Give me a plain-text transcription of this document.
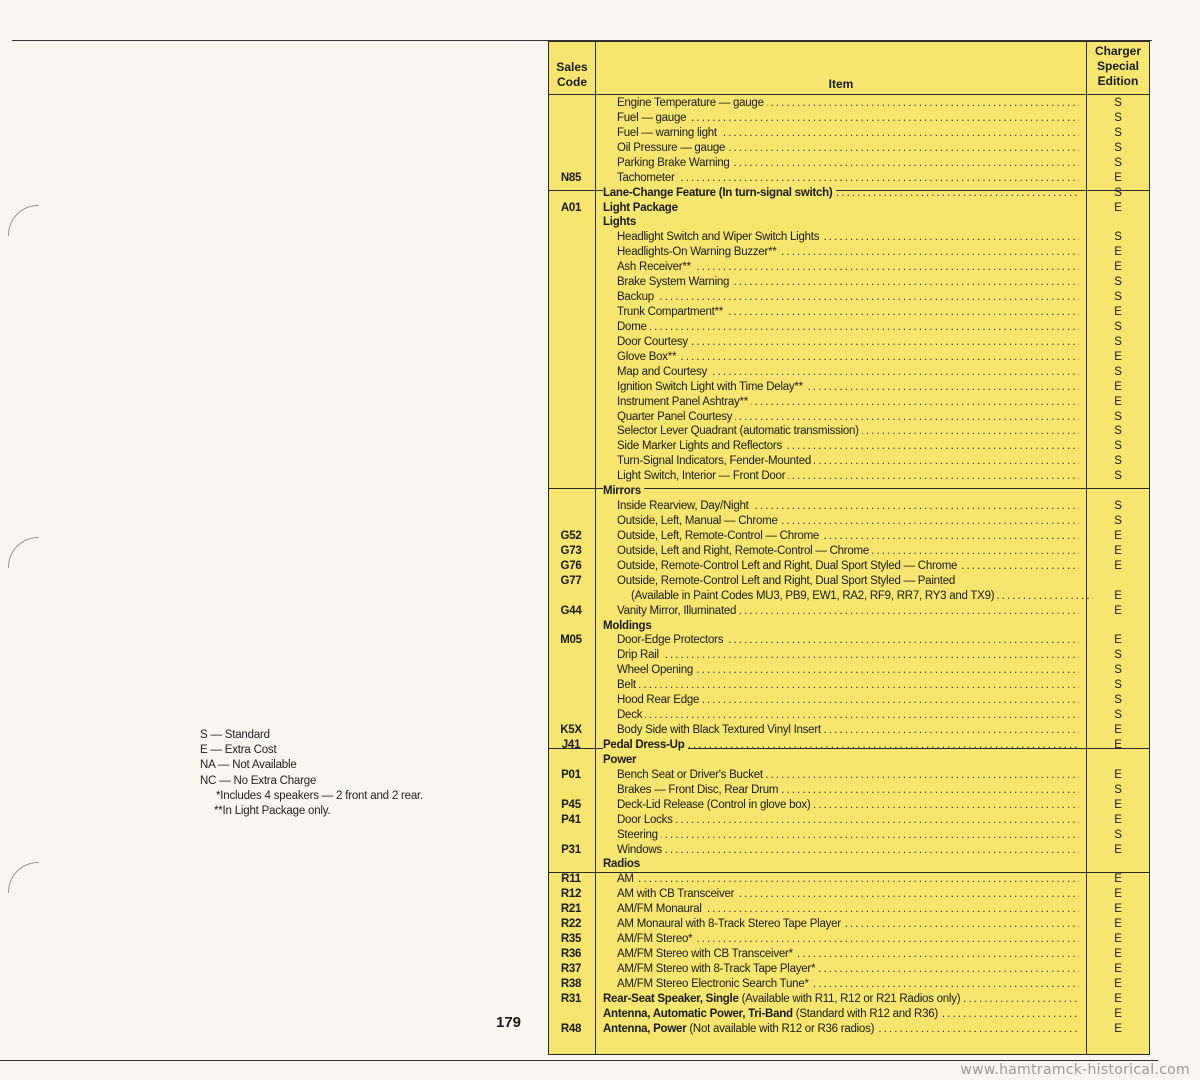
S — Standard
E — Extra Cost
NA — Not Available
NC — No Extra Charge
*Includes 4 speakers — 2 front and 2 rear.
**In Light Package only.
179
www.hamtramck-historical.com
Sales
Code	Item
Charger
Special
Edition
Engine Temperature — gauge .....	S
Fuel — gauge .....	S
Fuel — warning light .....	S
Oil Pressure — gauge .....	S
Parking Brake Warning .....	S
N85	Tachometer .....	E
Lane-Change Feature (In turn-signal switch) .....	S
A01	Light Package	E
Lights
Headlight Switch and Wiper Switch Lights .....	S
Headlights-On Warning Buzzer** .....	E
Ash Receiver** .....	E
Brake System Warning .....	S
Backup .....	S
Trunk Compartment** .....	E
Dome .....	S
Door Courtesy .....	S
Glove Box** .....	E
Map and Courtesy .....	S
Ignition Switch Light with Time Delay** .....	E
Instrument Panel Ashtray** .....	E
Quarter Panel Courtesy .....	S
Selector Lever Quadrant (automatic transmission) .....	S
Side Marker Lights and Reflectors .....	S
Turn-Signal Indicators, Fender-Mounted .....	S
Light Switch, Interior — Front Door .....	S
Mirrors
Inside Rearview, Day/Night .....	S
Outside, Left, Manual — Chrome .....	S
G52	Outside, Left, Remote-Control — Chrome .....	E
G73	Outside, Left and Right, Remote-Control — Chrome .....	E
G76	Outside, Remote-Control Left and Right, Dual Sport Styled — Chrome .....	E
G77	Outside, Remote-Control Left and Right, Dual Sport Styled — Painted
(Available in Paint Codes MU3, PB9, EW1, RA2, RF9, RR7, RY3 and TX9) .....	E
G44	Vanity Mirror, Illuminated .....	E
Moldings
M05	Door-Edge Protectors .....	E
Drip Rail .....	S
Wheel Opening .....	S
Belt .....	S
Hood Rear Edge .....	S
Deck .....	S
K5X	Body Side with Black Textured Vinyl Insert .....	E
J41	Pedal Dress-Up .....	E
Power
P01	Bench Seat or Driver's Bucket .....	E
Brakes — Front Disc, Rear Drum .....	S
P45	Deck-Lid Release (Control in glove box) .....	E
P41	Door Locks .....	E
Steering .....	S
P31	Windows .....	E
Radios
R11	AM .....	E
R12	AM with CB Transceiver .....	E
R21	AM/FM Monaural .....	E
R22	AM Monaural with 8-Track Stereo Tape Player .....	E
R35	AM/FM Stereo* .....	E
R36	AM/FM Stereo with CB Transceiver* .....	E
R37	AM/FM Stereo with 8-Track Tape Player* .....	E
R38	AM/FM Stereo Electronic Search Tune* .....	E
R31	Rear-Seat Speaker, Single (Available with R11, R12 or R21 Radios only) .....	E
Antenna, Automatic Power, Tri-Band (Standard with R12 and R36) .....	E
R48	Antenna, Power (Not available with R12 or R36 radios) .....	E
